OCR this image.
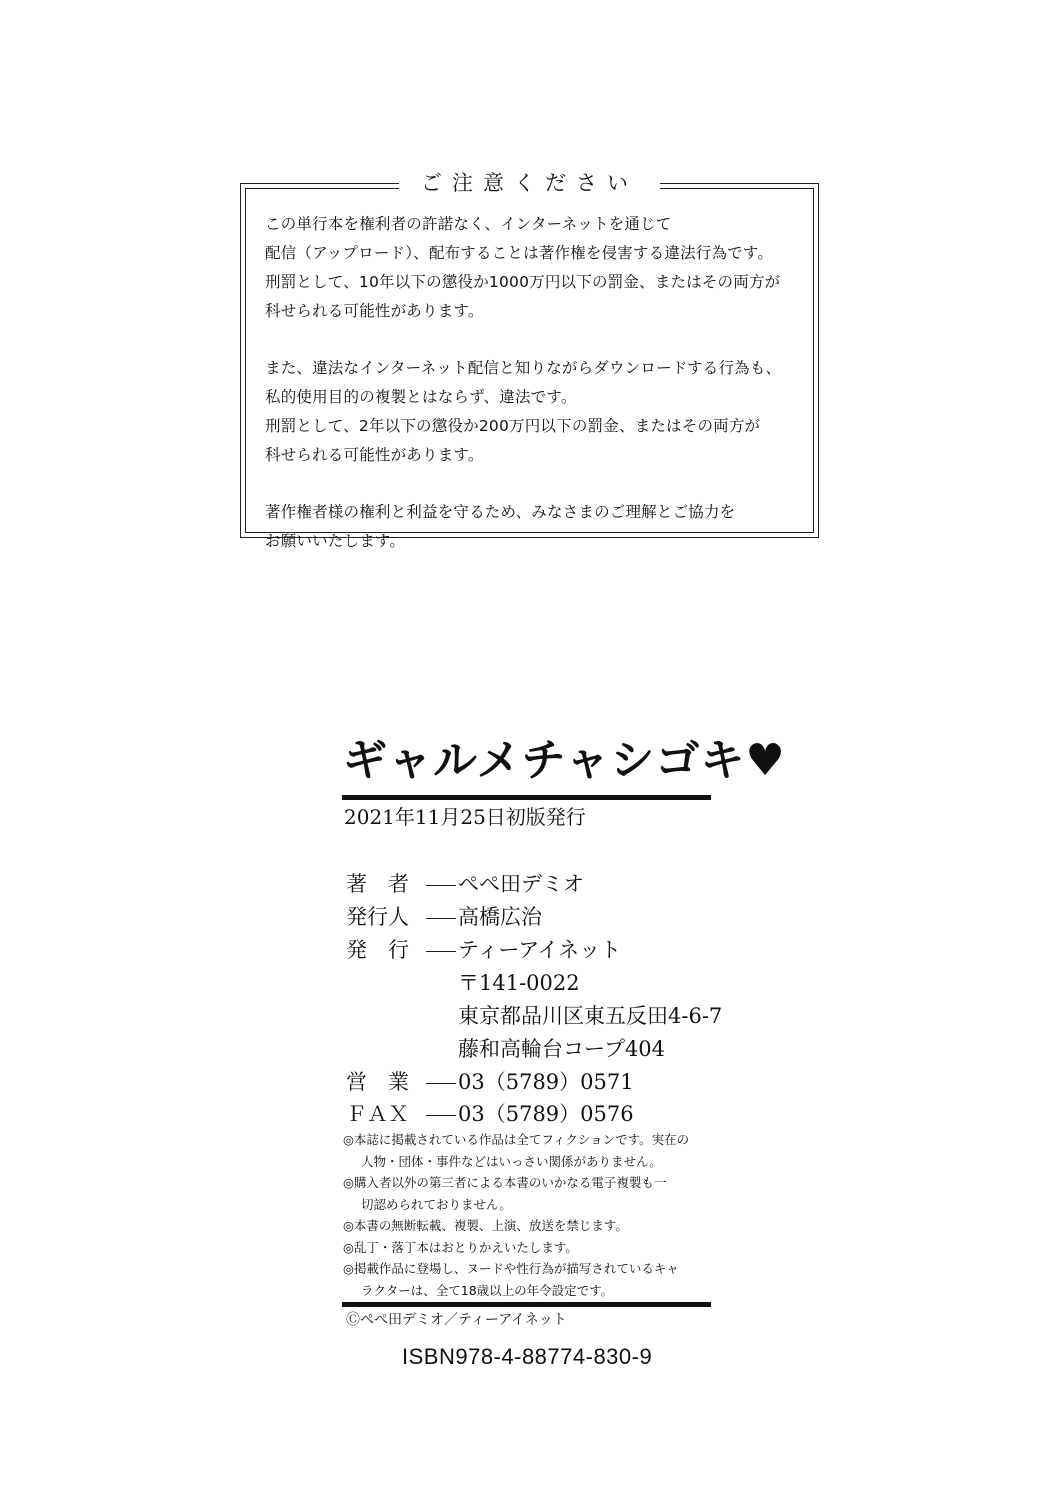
ご注意ください

この単行本を権利者の許諾なく、インターネットを通じて
配信（アップロード）、配布することは著作権を侵害する違法行為です。
刑罰として、10年以下の懲役か1000万円以下の罰金、またはその両方が
科せられる可能性があります。

また、違法なインターネット配信と知りながらダウンロードする行為も、
私的使用目的の複製とはならず、違法です。
刑罰として、2年以下の懲役か200万円以下の罰金、またはその両方が
科せられる可能性があります。

著作権者様の権利と利益を守るため、みなさまのご理解とご協力を
お願いいたします。

ギャルメチャシゴキ♥
2021年11月25日初版発行
著　者 ぺぺ田デミオ
発行人 高橋広治
発　行 ティーアイネット
〒141-0022
東京都品川区東五反田4-6-7
藤和高輪台コープ404
営　業 03（5789）0571
ＦＡＸ 03（5789）0576
◎本誌に掲載されている作品は全てフィクションです。実在の
人物・団体・事件などはいっさい関係がありません。
◎購入者以外の第三者による本書のいかなる電子複製も一
切認められておりません。
◎本書の無断転載、複製、上演、放送を禁じます。
◎乱丁・落丁本はおとりかえいたします。
◎掲載作品に登場し、ヌードや性行為が描写されているキャ
ラクターは、全て18歳以上の年令設定です。
Ⓒぺぺ田デミオ／ティーアイネット
ISBN978-4-88774-830-9
